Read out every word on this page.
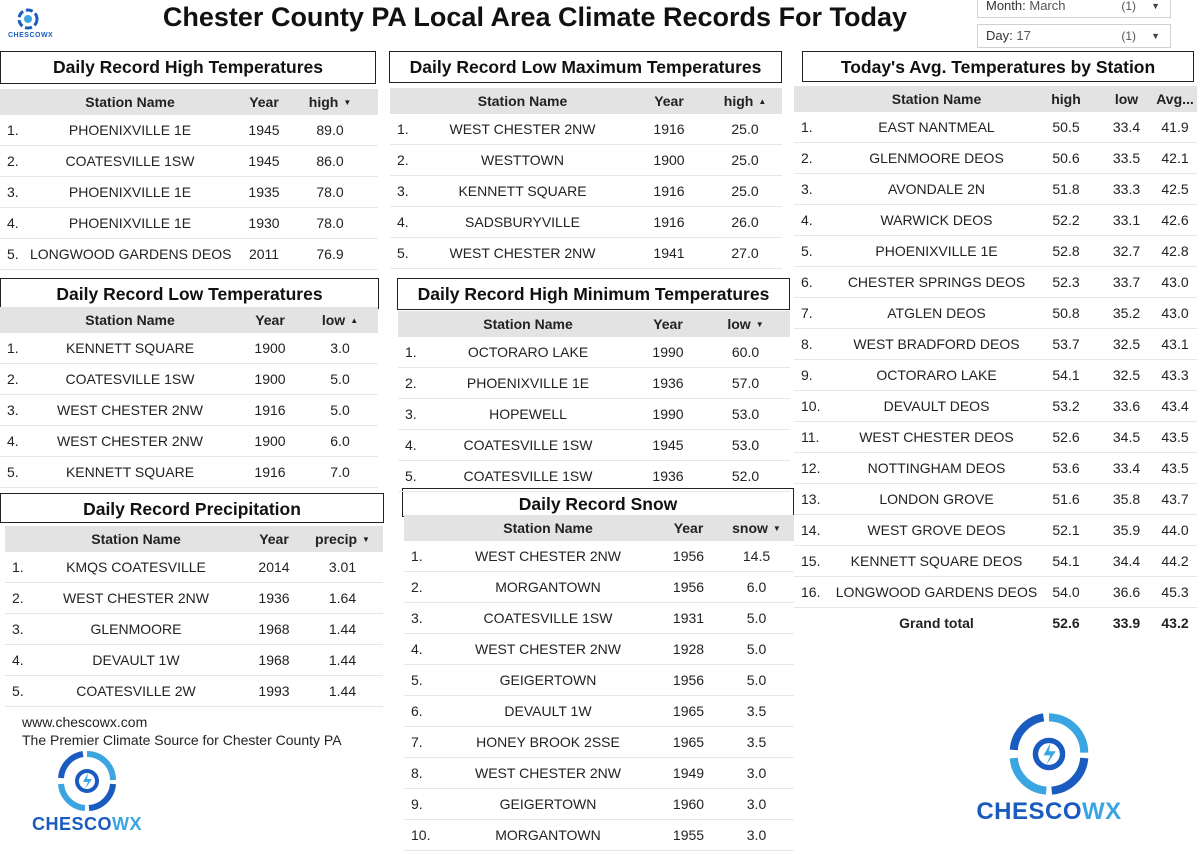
CHESCOWX
Chester County PA Local Area Climate Records For Today	Month: March	(1) ▼
Day: 17	(1) ▼
Daily Record High Temperatures	Daily Record Low Maximum Temperatures	Today's Avg. Temperatures by Station
Daily Record Low Temperatures	Daily Record High Minimum Temperatures
Daily Record Precipitation	Daily Record Snow
Station Name	Year	high ▼
1.	PHOENIXVILLE 1E	1945	89.0
2.	COATESVILLE 1SW	1945	86.0
3.	PHOENIXVILLE 1E	1935	78.0
4.	PHOENIXVILLE 1E	1930	78.0
5. LONGWOOD GARDENS DEOS	2011	76.9
Station Name	Year	high ▲
1.	WEST CHESTER 2NW	1916	25.0
2.	WESTTOWN	1900	25.0
3.	KENNETT SQUARE	1916	25.0
4.	SADSBURYVILLE	1916	26.0
5.	WEST CHESTER 2NW	1941	27.0
Station Name	Year	low ▲
1.	KENNETT SQUARE	1900	3.0
2.	COATESVILLE 1SW	1900	5.0
3.	WEST CHESTER 2NW	1916	5.0
4.	WEST CHESTER 2NW	1900	6.0
5.	KENNETT SQUARE	1916	7.0
Station Name	Year	low ▼
1.	OCTORARO LAKE	1990	60.0
2.	PHOENIXVILLE 1E	1936	57.0
3.	HOPEWELL	1990	53.0
4.	COATESVILLE 1SW	1945	53.0
5.	COATESVILLE 1SW	1936	52.0
Station Name	Year	precip ▼
1.	KMQS COATESVILLE	2014	3.01
2.	WEST CHESTER 2NW	1936	1.64
3.	GLENMOORE	1968	1.44
4.	DEVAULT 1W	1968	1.44
5.	COATESVILLE 2W	1993	1.44
Station Name	Year	snow ▼
1.	WEST CHESTER 2NW	1956	14.5
2.	MORGANTOWN	1956	6.0
3.	COATESVILLE 1SW	1931	5.0
4.	WEST CHESTER 2NW	1928	5.0
5.	GEIGERTOWN	1956	5.0
6.	DEVAULT 1W	1965	3.5
7.	HONEY BROOK 2SSE	1965	3.5
8.	WEST CHESTER 2NW	1949	3.0
9.	GEIGERTOWN	1960	3.0
10.	MORGANTOWN	1955	3.0
Station Name	high	low	Avg...
1.	EAST NANTMEAL	50.5	33.4	41.9
2.	GLENMOORE DEOS	50.6	33.5	42.1
3.	AVONDALE 2N	51.8	33.3	42.5
4.	WARWICK DEOS	52.2	33.1	42.6
5.	PHOENIXVILLE 1E	52.8	32.7	42.8
6.	CHESTER SPRINGS DEOS	52.3	33.7	43.0
7.	ATGLEN DEOS	50.8	35.2	43.0
8.	WEST BRADFORD DEOS	53.7	32.5	43.1
9.	OCTORARO LAKE	54.1	32.5	43.3
10.	DEVAULT DEOS	53.2	33.6	43.4
11.	WEST CHESTER DEOS	52.6	34.5	43.5
12.	NOTTINGHAM DEOS	53.6	33.4	43.5
13.	LONDON GROVE	51.6	35.8	43.7
14.	WEST GROVE DEOS	52.1	35.9	44.0
15.	KENNETT SQUARE DEOS	54.1	34.4	44.2
16. LONGWOOD GARDENS DEOS	54.0	36.6	45.3
Grand total	52.6	33.9	43.2
www.chescowx.com
The Premier Climate Source for Chester County PA
CHESCOWX	CHESCOWX
